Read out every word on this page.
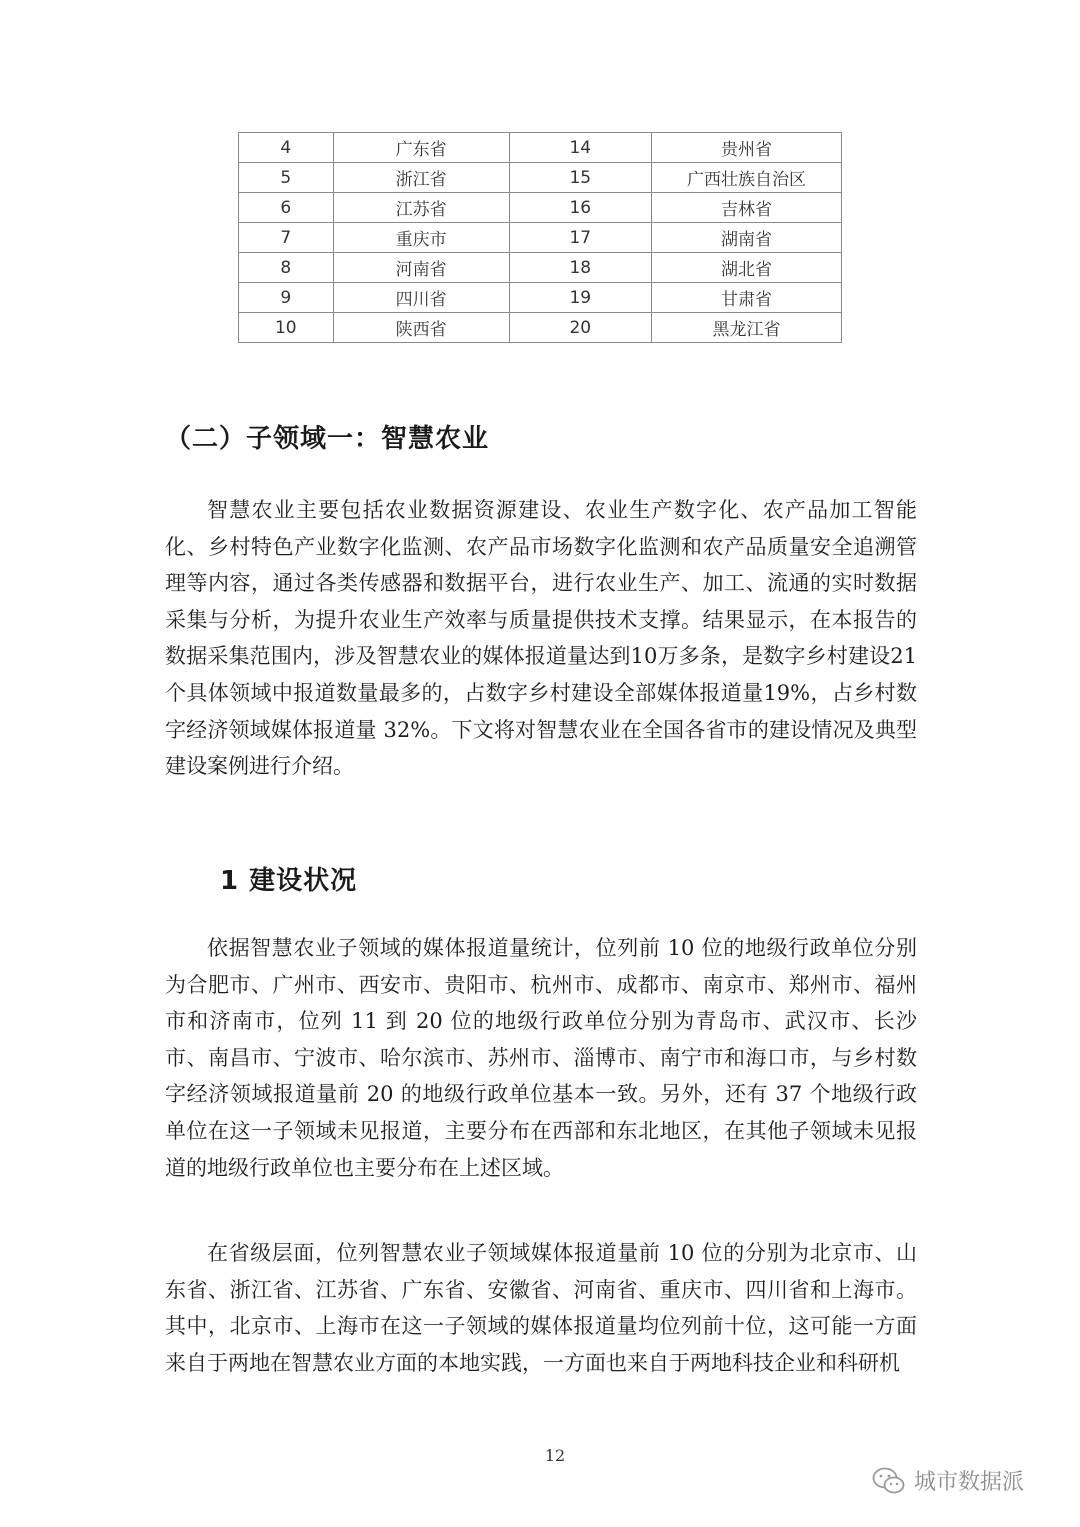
4	广东省	14	贵州省
5	浙江省	15	广西壮族自治区
6	江苏省	16	吉林省
7	重庆市	17	湖南省
8	河南省	18	湖北省
9	四川省	19	甘肃省
10	陕西省	20	黑龙江省
（二）子领域一：智慧农业

智慧农业主要包括农业数据资源建设、农业生产数字化、农产品加工智能化、乡村特色产业数字化监测、农产品市场数字化监测和农产品质量安全追溯管理等内容，通过各类传感器和数据平台，进行农业生产、加工、流通的实时数据采集与分析，为提升农业生产效率与质量提供技术支撑。结果显示，在本报告的数据采集范围内，涉及智慧农业的媒体报道量达到10万多条，是数字乡村建设21个具体领域中报道数量最多的，占数字乡村建设全部媒体报道量19%，占乡村数字经济领域媒体报道量 32%。下文将对智慧农业在全国各省市的建设情况及典型建设案例进行介绍。

1 建设状况

依据智慧农业子领域的媒体报道量统计，位列前 10 位的地级行政单位分别为合肥市、广州市、西安市、贵阳市、杭州市、成都市、南京市、郑州市、福州市和济南市，位列 11 到 20 位的地级行政单位分别为青岛市、武汉市、长沙市、南昌市、宁波市、哈尔滨市、苏州市、淄博市、南宁市和海口市，与乡村数字经济领域报道量前 20 的地级行政单位基本一致。另外，还有 37 个地级行政单位在这一子领域未见报道，主要分布在西部和东北地区，在其他子领域未见报道的地级行政单位也主要分布在上述区域。

在省级层面，位列智慧农业子领域媒体报道量前 10 位的分别为北京市、山东省、浙江省、江苏省、广东省、安徽省、河南省、重庆市、四川省和上海市。其中，北京市、上海市在这一子领域的媒体报道量均位列前十位，这可能一方面来自于两地在智慧农业方面的本地实践，一方面也来自于两地科技企业和科研机

12
城市数据派
